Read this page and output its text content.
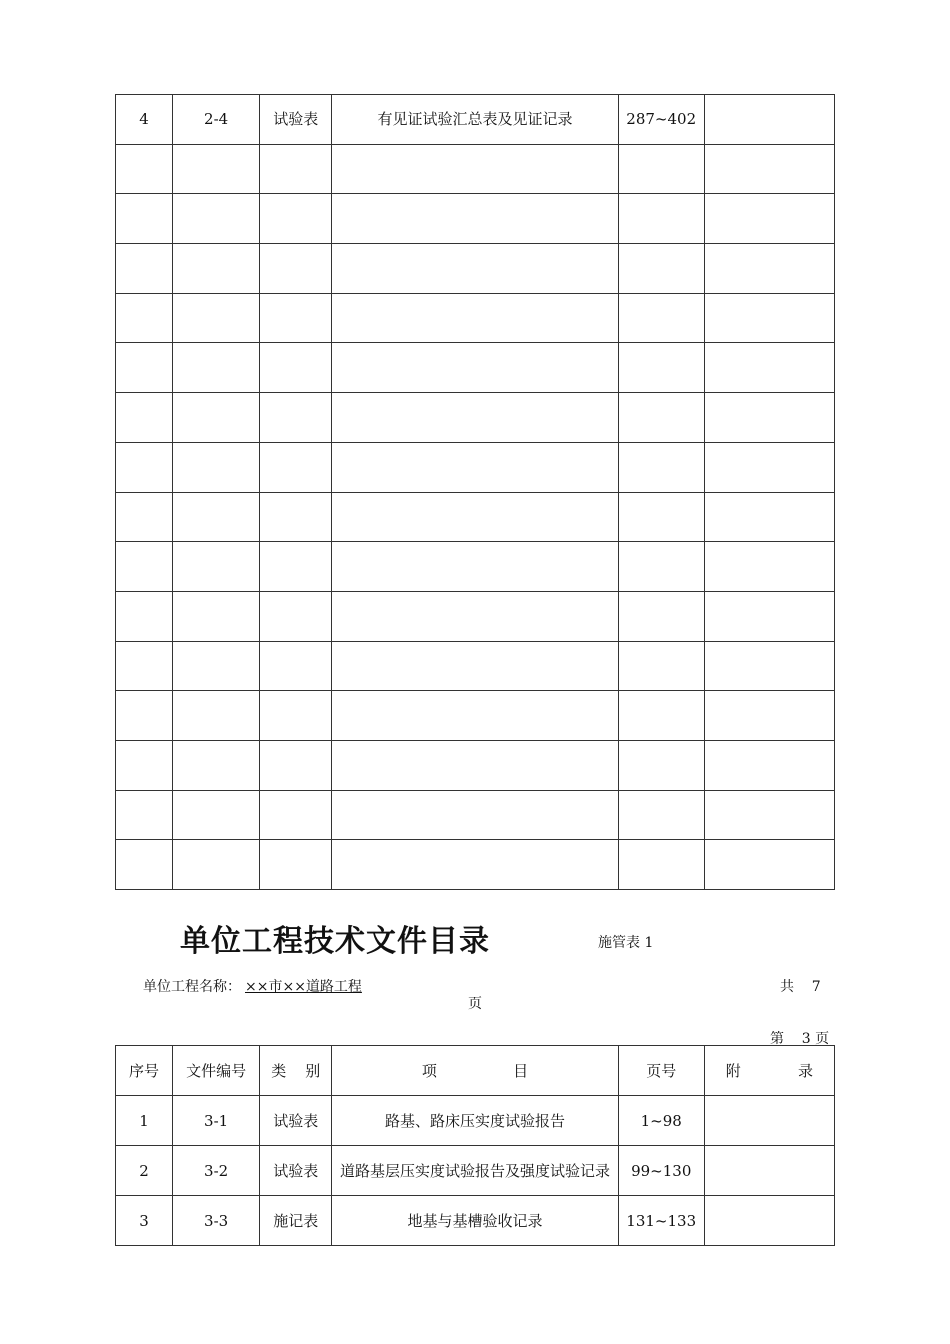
4	2-4	试验表	有见证试验汇总表及见证记录	287~402	

单位工程技术文件目录	施管表 1
单位工程名称： ××市××道路工程	共    7
页
第    3 页
序号	文件编号	类    别	项                目	页号	附            录
1	3-1	试验表	路基、路床压实度试验报告	1~98	
2	3-2	试验表	道路基层压实度试验报告及强度试验记录	99~130	
3	3-3	施记表	地基与基槽验收记录	131~133	
